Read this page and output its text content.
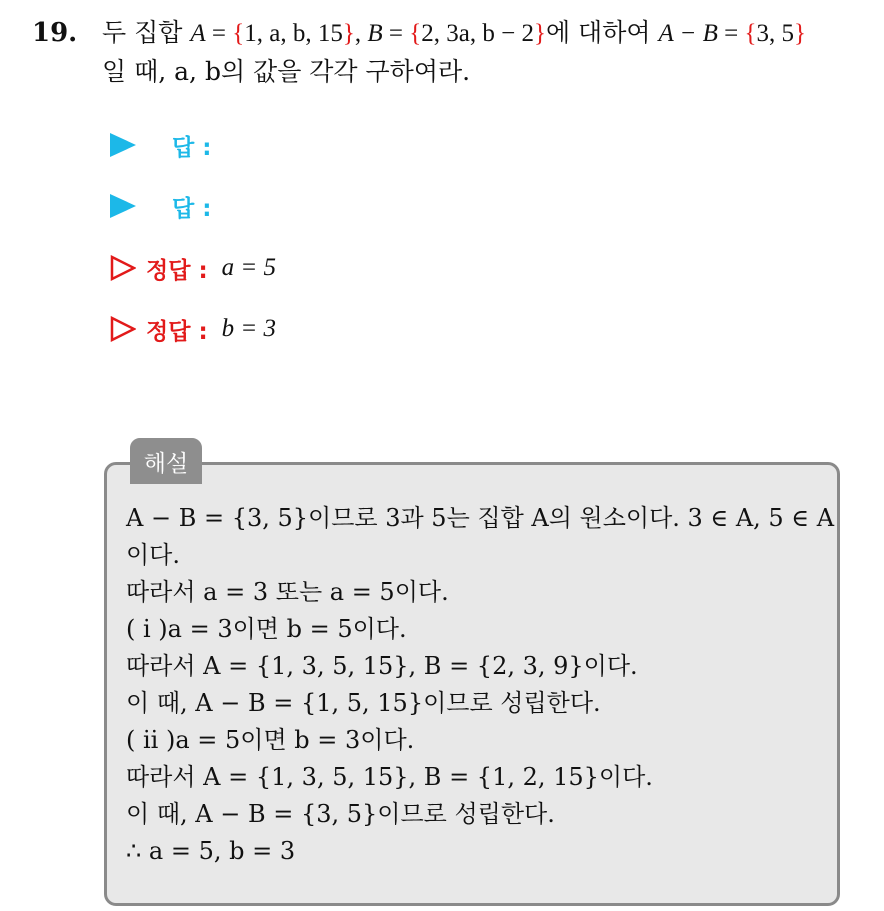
19. 두 집합 A = {1, a, b, 15}, B = {2, 3a, b − 2}에 대하여 A − B = {3, 5}
일 때, a, b의 값을 각각 구하여라.
답 :
답 :
정답 : a = 5
정답 : b = 3
해설
A − B = {3, 5}이므로 3과 5는 집합 A의 원소이다. 3 ∈ A, 5 ∈ A
이다.
따라서 a = 3 또는 a = 5이다.
( i )a = 3이면 b = 5이다.
따라서 A = {1, 3, 5, 15}, B = {2, 3, 9}이다.
이 때, A − B = {1, 5, 15}이므로 성립한다.
( ii )a = 5이면 b = 3이다.
따라서 A = {1, 3, 5, 15}, B = {1, 2, 15}이다.
이 때, A − B = {3, 5}이므로 성립한다.
∴ a = 5, b = 3
